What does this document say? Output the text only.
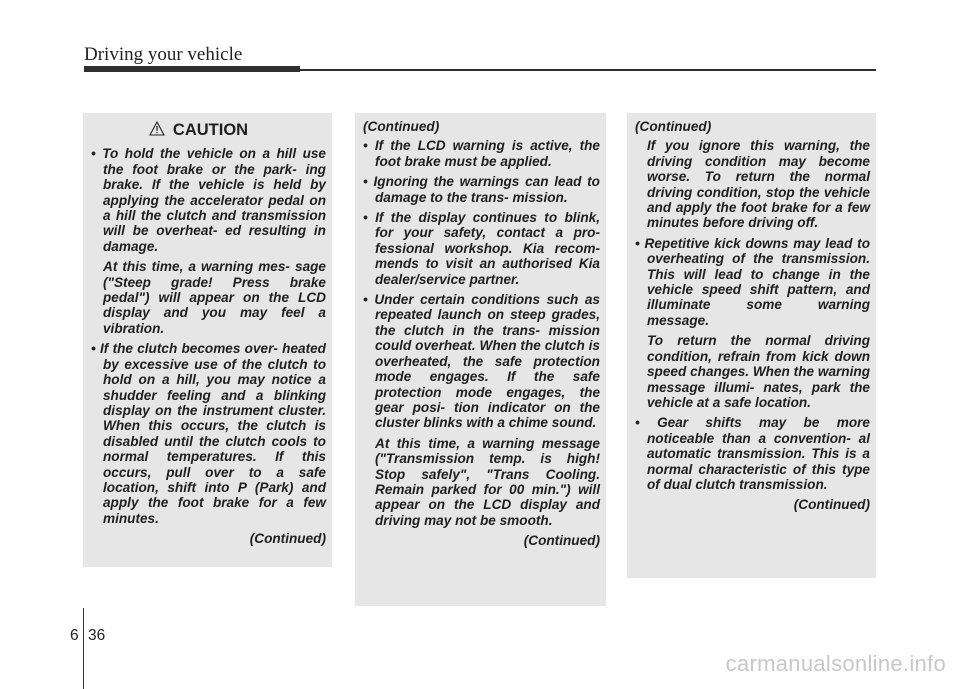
Driving your vehicle
CAUTION

• To hold the vehicle on a hill use the foot brake or the park- ing brake. If the vehicle is held by applying the accelerator pedal on a hill the clutch and transmission will be overheat- ed resulting in damage.

At this time, a warning mes- sage ("Steep grade! Press brake pedal") will appear on the LCD display and you may feel a vibration.

• If the clutch becomes over- heated by excessive use of the clutch to hold on a hill, you may notice a shudder feeling and a blinking display on the instrument cluster. When this occurs, the clutch is disabled until the clutch cools to normal temperatures. If this occurs, pull over to a safe location, shift into P (Park) and apply the foot brake for a few minutes.

(Continued)

(Continued)

• If the LCD warning is active, the foot brake must be applied.

• Ignoring the warnings can lead to damage to the trans- mission.

• If the display continues to blink, for your safety, contact a pro- fessional workshop. Kia recom- mends to visit an authorised Kia dealer/service partner.

• Under certain conditions such as repeated launch on steep grades, the clutch in the trans- mission could overheat. When the clutch is overheated, the safe protection mode engages. If the safe protection mode engages, the gear posi- tion indicator on the cluster blinks with a chime sound.

At this time, a warning message ("Transmission temp. is high! Stop safely", "Trans Cooling. Remain parked for 00 min.") will appear on the LCD display and driving may not be smooth.

(Continued)

(Continued)

If you ignore this warning, the driving condition may become worse. To return the normal driving condition, stop the vehicle and apply the foot brake for a few minutes before driving off.

• Repetitive kick downs may lead to overheating of the transmission. This will lead to change in the vehicle speed shift pattern, and illuminate some warning message.

To return the normal driving condition, refrain from kick down speed changes. When the warning message illumi- nates, park the vehicle at a safe location.

• Gear shifts may be more noticeable than a convention- al automatic transmission. This is a normal characteristic of this type of dual clutch transmission.

(Continued)

6 36
carmanualsonline.info
